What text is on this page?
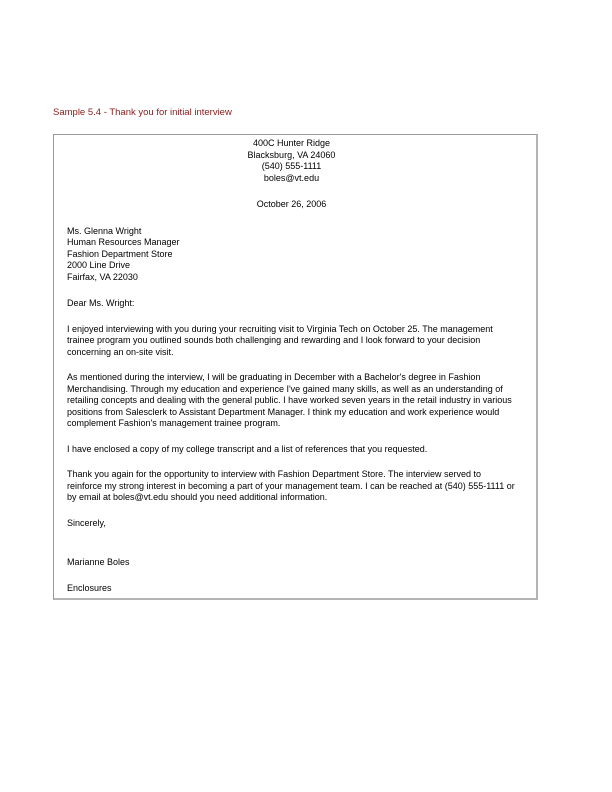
Sample 5.4 - Thank you for initial interview
400C Hunter Ridge
Blacksburg, VA 24060
(540) 555-1111
boles@vt.edu
October 26, 2006
Ms. Glenna Wright
Human Resources Manager
Fashion Department Store
2000 Line Drive
Fairfax, VA 22030
Dear Ms. Wright:

I enjoyed interviewing with you during your recruiting visit to Virginia Tech on October 25. The management trainee program you outlined sounds both challenging and rewarding and I look forward to your decision concerning an on-site visit.

As mentioned during the interview, I will be graduating in December with a Bachelor's degree in Fashion Merchandising. Through my education and experience I've gained many skills, as well as an understanding of retailing concepts and dealing with the general public. I have worked seven years in the retail industry in various positions from Salesclerk to Assistant Department Manager. I think my education and work experience would complement Fashion's management trainee program.

I have enclosed a copy of my college transcript and a list of references that you requested.

Thank you again for the opportunity to interview with Fashion Department Store. The interview served to reinforce my strong interest in becoming a part of your management team. I can be reached at (540) 555-1111 or by email at boles@vt.edu should you need additional information.

Sincerely,
Marianne Boles
Enclosures
